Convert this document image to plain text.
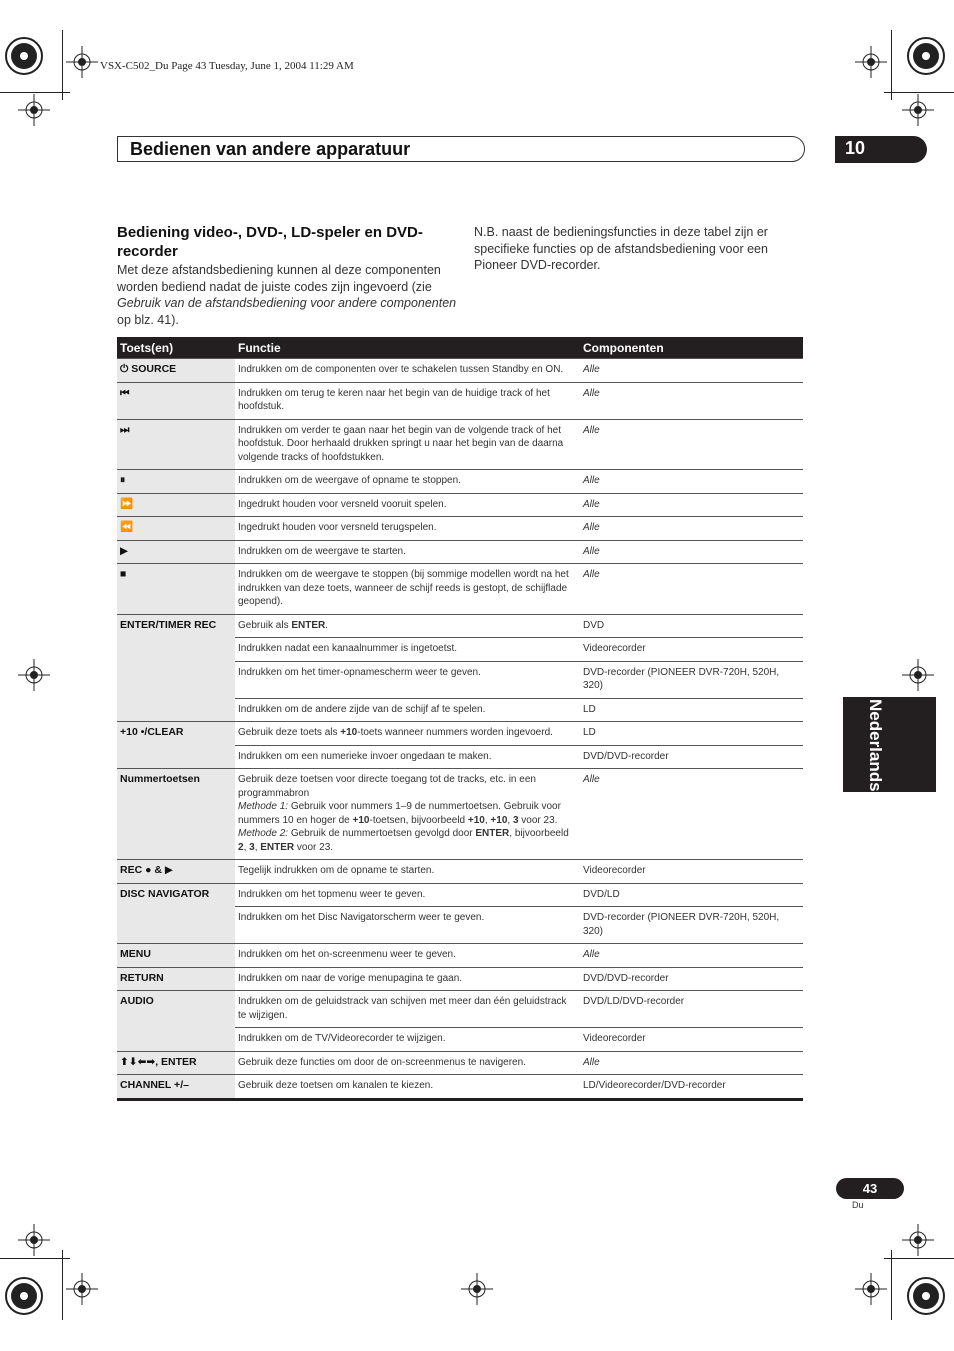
VSX-C502_Du Page 43 Tuesday, June 1, 2004 11:29 AM
Bedienen van andere apparatuur	10
Nederlands
Bediening video-, DVD-, LD-speler en DVD-recorder
Met deze afstandsbediening kunnen al deze componenten worden bediend nadat de juiste codes zijn ingevoerd (zie Gebruik van de afstandsbediening voor andere componenten op blz. 41).
N.B. naast de bedieningsfuncties in deze tabel zijn er specifieke functies op de afstandsbediening voor een Pioneer DVD-recorder.
Toets(en)	Functie	Componenten
⏻ SOURCE	Indrukken om de componenten over te schakelen tussen Standby en ON.	Alle
⏮	Indrukken om terug te keren naar het begin van de huidige track of het hoofdstuk.	Alle
⏭	Indrukken om verder te gaan naar het begin van de volgende track of het hoofdstuk. Door herhaald drukken springt u naar het begin van de daarna volgende tracks of hoofdstukken.	Alle
⏸	Indrukken om de weergave of opname te stoppen.	Alle
⏩	Ingedrukt houden voor versneld vooruit spelen.	Alle
⏪	Ingedrukt houden voor versneld terugspelen.	Alle
▶	Indrukken om de weergave te starten.	Alle
■	Indrukken om de weergave te stoppen (bij sommige modellen wordt na het indrukken van deze toets, wanneer de schijf reeds is gestopt, de schijflade geopend).	Alle
ENTER/TIMER REC	Gebruik als ENTER.	DVD
	Indrukken nadat een kanaalnummer is ingetoetst.	Videorecorder
	Indrukken om het timer-opnamescherm weer te geven.	DVD-recorder (PIONEER DVR-720H, 520H, 320)
	Indrukken om de andere zijde van de schijf af te spelen.	LD
+10 •/CLEAR	Gebruik deze toets als +10-toets wanneer nummers worden ingevoerd.	LD
	Indrukken om een numerieke invoer ongedaan te maken.	DVD/DVD-recorder
Nummertoetsen	Gebruik deze toetsen voor directe toegang tot de tracks, etc. in een programmabron
Methode 1: Gebruik voor nummers 1–9 de nummertoetsen. Gebruik voor nummers 10 en hoger de +10-toetsen, bijvoorbeeld +10, +10, 3 voor 23.
Methode 2: Gebruik de nummertoetsen gevolgd door ENTER, bijvoorbeeld 2, 3, ENTER voor 23.	Alle
REC ● & ▶	Tegelijk indrukken om de opname te starten.	Videorecorder
DISC NAVIGATOR	Indrukken om het topmenu weer te geven.	DVD/LD
	Indrukken om het Disc Navigatorscherm weer te geven.	DVD-recorder (PIONEER DVR-720H, 520H, 320)
MENU	Indrukken om het on-screenmenu weer te geven.	Alle
RETURN	Indrukken om naar de vorige menupagina te gaan.	DVD/DVD-recorder
AUDIO	Indrukken om de geluidstrack van schijven met meer dan één geluidstrack te wijzigen.	DVD/LD/DVD-recorder
	Indrukken om de TV/Videorecorder te wijzigen.	Videorecorder
⬆⬇⬅➡, ENTER	Gebruik deze functies om door de on-screenmenus te navigeren.	Alle
CHANNEL +/–	Gebruik deze toetsen om kanalen te kiezen.	LD/Videorecorder/DVD-recorder
43
Du
